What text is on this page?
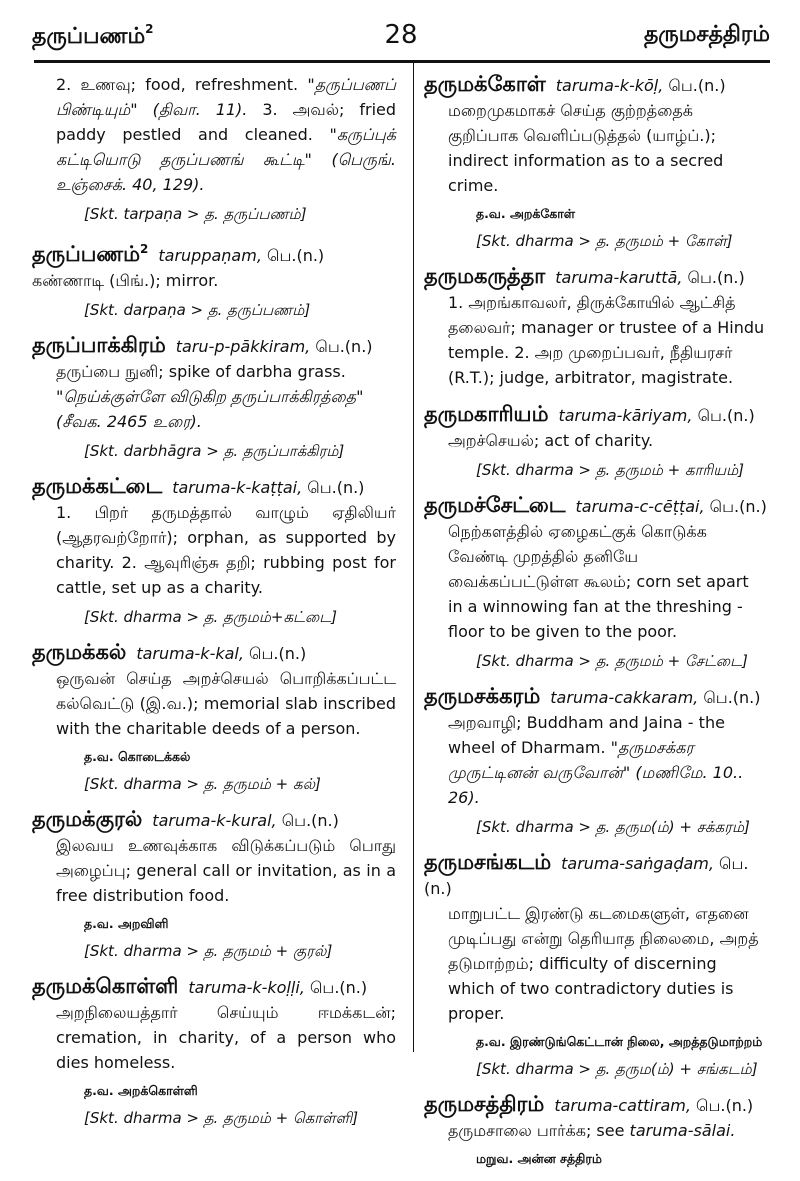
தருப்பணம்$^2$	28	தருமசத்திரம்
2. உணவு; food, refreshment. "தருப்பணப் பிண்டியும்" (திவா. 11). 3. அவல்; fried paddy pestled and cleaned. "கருப்புக் கட்டியொடு தருப்பணங் கூட்டி" (பெருங். உஞ்சைக். 40, 129).
[Skt. tarpaṇa > த. தருப்பணம்]
தருப்பணம்$^2$ taruppaṇam, பெ.(n.) கண்ணாடி (பிங்.); mirror.
[Skt. darpaṇa > த. தருப்பணம்]
தருப்பாக்கிரம் taru-p-pākkiram, பெ.(n.)
தருப்பை நுனி; spike of darbha grass. "நெய்க்குள்ளே விடுகிற தருப்பாக்கிரத்தை" (சீவக. 2465 உரை).
[Skt. darbhāgra > த. தருப்பாக்கிரம்]
தருமக்கட்டை taruma-k-kaṭṭai, பெ.(n.)
1. பிறர் தருமத்தால் வாழும் ஏதிலியர் (ஆதரவற்றோர்); orphan, as supported by charity. 2. ஆவுரிஞ்சு தறி; rubbing post for cattle, set up as a charity.
[Skt. dharma > த. தருமம்+கட்டை]
தருமக்கல் taruma-k-kal, பெ.(n.)
ஒருவன் செய்த அறச்செயல் பொறிக்கப்பட்ட கல்வெட்டு (இ.வ.); memorial slab inscribed with the charitable deeds of a person.
த.வ. கொடைக்கல்
[Skt. dharma > த. தருமம் + கல்]
தருமக்குரல் taruma-k-kural, பெ.(n.)
இலவய உணவுக்காக விடுக்கப்படும் பொது அழைப்பு; general call or invitation, as in a free distribution food.
த.வ. அறவிளி
[Skt. dharma > த. தருமம் + குரல்]
தருமக்கொள்ளி taruma-k-koḷḷi, பெ.(n.)
அறநிலையத்தார் செய்யும் ஈமக்கடன்; cremation, in charity, of a person who dies homeless.
த.வ. அறக்கொள்ளி
[Skt. dharma > த. தருமம் + கொள்ளி]
தருமக்கோள் taruma-k-kōḷ, பெ.(n.)
மறைமுகமாகச் செய்த குற்றத்தைக் குறிப்பாக வெளிப்படுத்தல் (யாழ்ப்.); indirect information as to a secred crime.
த.வ. அறக்கோள்
[Skt. dharma > த. தருமம் + கோள்]
தருமகருத்தா taruma-karuttā, பெ.(n.)
1. அறங்காவலர், திருக்கோயில் ஆட்சித் தலைவர்; manager or trustee of a Hindu temple. 2. அற முறைப்பவர், நீதியரசர் (R.T.); judge, arbitrator, magistrate.
தருமகாரியம் taruma-kāriyam, பெ.(n.)
அறச்செயல்; act of charity.
[Skt. dharma > த. தருமம் + காரியம்]
தருமச்சேட்டை taruma-c-cēṭṭai, பெ.(n.)
நெற்களத்தில் ஏழைகட்குக் கொடுக்க வேண்டி முறத்தில் தனியே வைக்கப்பட்டுள்ள கூலம்; corn set apart in a winnowing fan at the threshing - floor to be given to the poor.
[Skt. dharma > த. தருமம் + சேட்டை]
தருமசக்கரம் taruma-cakkaram, பெ.(n.)
அறவாழி; Buddham and Jaina - the wheel of Dharmam. "தருமசக்கர முருட்டினன் வருவோன்" (மணிமே. 10.. 26).
[Skt. dharma > த. தரும(ம்) + சக்கரம்]
தருமசங்கடம் taruma-saṅgaḍam, பெ.(n.)
மாறுபட்ட இரண்டு கடமைகளுள், எதனை முடிப்பது என்று தெரியாத நிலைமை, அறத் தடுமாற்றம்; difficulty of discerning which of two contradictory duties is proper.
த.வ. இரண்டுங்கெட்டான் நிலை, அறத்தடுமாற்றம்
[Skt. dharma > த. தரும(ம்) + சங்கடம்]
தருமசத்திரம் taruma-cattiram, பெ.(n.)
தருமசாலை பார்க்க; see taruma-sālai.
மறுவ. அன்ன சத்திரம்
